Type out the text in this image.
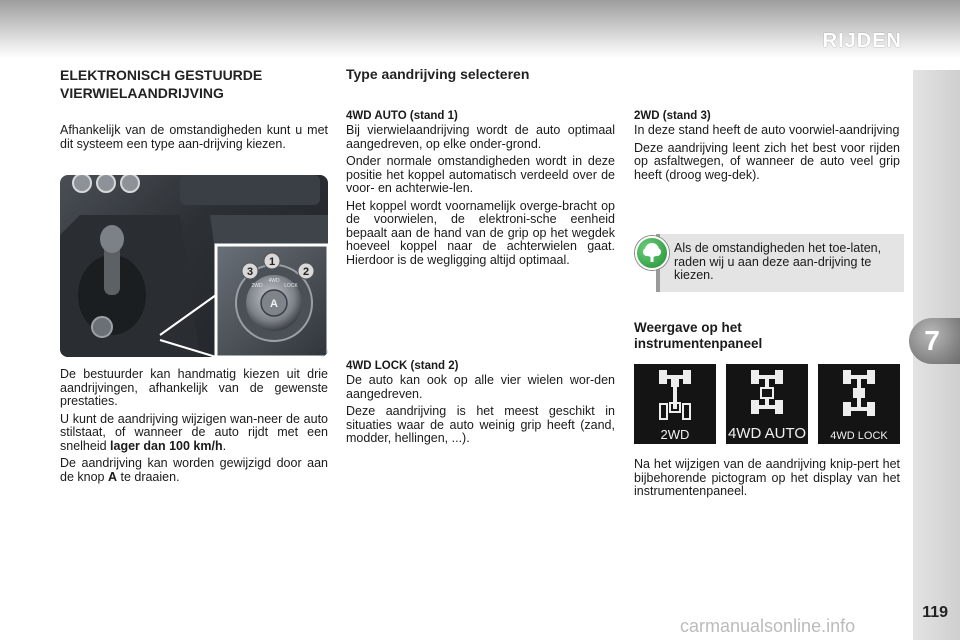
RIJDEN
7
ELEKTRONISCH GESTUURDE
VIERWIELAANDRIJVING

Afhankelijk van de omstandigheden kunt u met dit systeem een type aan-drijving kiezen.

1
2
3
4WD
2WD	LOCK
A

De bestuurder kan handmatig kiezen uit drie aandrijvingen, afhankelijk van de gewenste prestaties.

U kunt de aandrijving wijzigen wan-neer de auto stilstaat, of wanneer de auto rijdt met een snelheid lager dan 100 km/h.

De aandrijving kan worden gewijzigd door aan de knop A te draaien.

Type aandrijving selecteren

4WD AUTO (stand 1)

Bij vierwielaandrijving wordt de auto optimaal aangedreven, op elke onder-grond.

Onder normale omstandigheden wordt in deze positie het koppel automatisch verdeeld over de voor- en achterwie-len.

Het koppel wordt voornamelijk overge-bracht op de voorwielen, de elektroni-sche eenheid bepaalt aan de hand van de grip op het wegdek hoeveel koppel naar de achterwielen gaat. Hierdoor is de wegligging altijd optimaal.

4WD LOCK (stand 2)

De auto kan ook op alle vier wielen wor-den aangedreven.

Deze aandrijving is het meest geschikt in situaties waar de auto weinig grip heeft (zand, modder, hellingen, ...).

2WD (stand 3)

In deze stand heeft de auto voorwiel-aandrijving

Deze aandrijving leent zich het best voor rijden op asfaltwegen, of wanneer de auto veel grip heeft (droog weg-dek).

Als de omstandigheden het toe-laten, raden wij u aan deze aan-drijving te kiezen.
Weergave op het
instrumentenpaneel
2WD	4WD AUTO	4WD LOCK

Na het wijzigen van de aandrijving knip-pert het bijbehorende pictogram op het display van het instrumentenpaneel.

119
carmanualsonline.info
